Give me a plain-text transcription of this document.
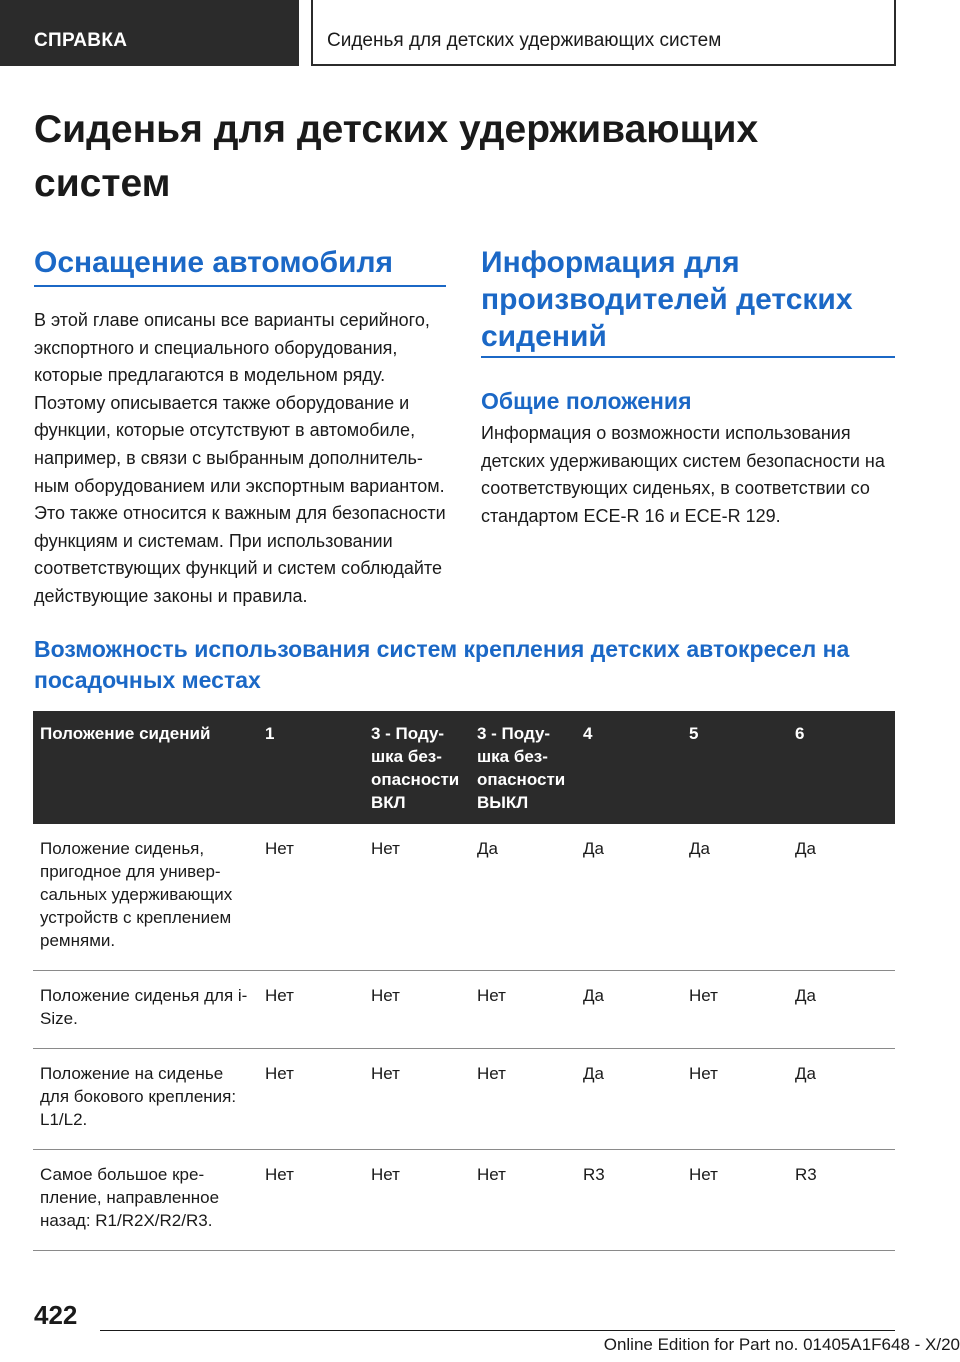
СПРАВКА	Сиденья для детских удерживающих систем
Сиденья для детских удерживающих систем
Оснащение автомобиля

В этой главе описаны все варианты серийного, экспортного и специального оборудования, которые предлагаются в модельном ряду. Поэтому описывается также оборудование и функции, которые отсутствуют в автомобиле, например, в связи с выбранным дополнительным оборудованием или экспортным вариантом. Это также относится к важным для безопасности функциям и системам. При использовании соответствующих функций и систем соблюдайте действующие законы и правила.

Информация для производителей детских сидений
Общие положения

Информация о возможности использования детских удерживающих систем безопасности на соответствующих сиденьях, в соответствии со стандартом ECE-R 16 и ECE-R 129.

Возможность использования систем крепления детских автокресел на посадочных местах
Положение сидений	1	3 - Подушка безопасности ВКЛ	3 - Подушка безопасности ВЫКЛ	4	5	6
Положение сиденья, пригодное для универсальных удерживающих устройств с креплением ремнями.	Нет	Нет	Да	Да	Да	Да
Положение сиденья для i-Size.	Нет	Нет	Нет	Да	Нет	Да
Положение на сиденье для бокового крепления: L1/L2.	Нет	Нет	Нет	Да	Нет	Да
Самое большое крепление, направленное назад: R1/R2X/R2/R3.	Нет	Нет	Нет	R3	Нет	R3
422
Online Edition for Part no. 01405A1F648 - X/20
